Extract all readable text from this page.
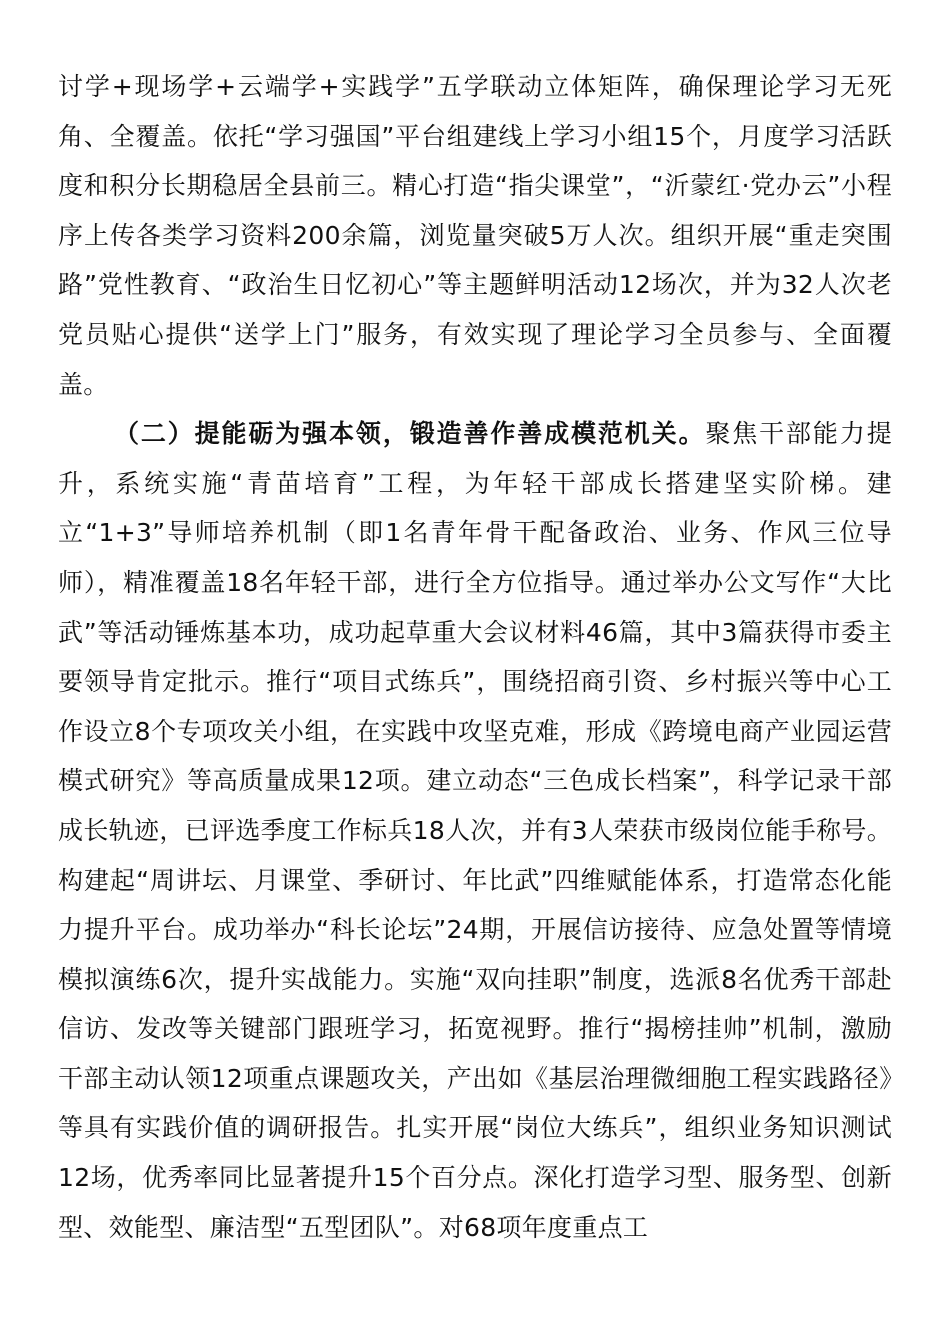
讨学+现场学+云端学+实践学”五学联动立体矩阵，确保理论学习无死角、全覆盖。依托“学习强国”平台组建线上学习小组15个，月度学习活跃度和积分长期稳居全县前三。精心打造“指尖课堂”，“沂蒙红·党办云”小程序上传各类学习资料200余篇，浏览量突破5万人次。组织开展“重走突围路”党性教育、“政治生日忆初心”等主题鲜明活动12场次，并为32人次老党员贴心提供“送学上门”服务，有效实现了理论学习全员参与、全面覆盖。

（二）提能砺为强本领，锻造善作善成模范机关。聚焦干部能力提升，系统实施“青苗培育”工程，为年轻干部成长搭建坚实阶梯。建立“1+3”导师培养机制（即1名青年骨干配备政治、业务、作风三位导师），精准覆盖18名年轻干部，进行全方位指导。通过举办公文写作“大比武”等活动锤炼基本功，成功起草重大会议材料46篇，其中3篇获得市委主要领导肯定批示。推行“项目式练兵”，围绕招商引资、乡村振兴等中心工作设立8个专项攻关小组，在实践中攻坚克难，形成《跨境电商产业园运营模式研究》等高质量成果12项。建立动态“三色成长档案”，科学记录干部成长轨迹，已评选季度工作标兵18人次，并有3人荣获市级岗位能手称号。构建起“周讲坛、月课堂、季研讨、年比武”四维赋能体系，打造常态化能力提升平台。成功举办“科长论坛”24期，开展信访接待、应急处置等情境模拟演练6次，提升实战能力。实施“双向挂职”制度，选派8名优秀干部赴信访、发改等关键部门跟班学习，拓宽视野。推行“揭榜挂帅”机制，激励干部主动认领12项重点课题攻关，产出如《基层治理微细胞工程实践路径》等具有实践价值的调研报告。扎实开展“岗位大练兵”，组织业务知识测试12场，优秀率同比显著提升15个百分点。深化打造学习型、服务型、创新型、效能型、廉洁型“五型团队”。对68项年度重点工
